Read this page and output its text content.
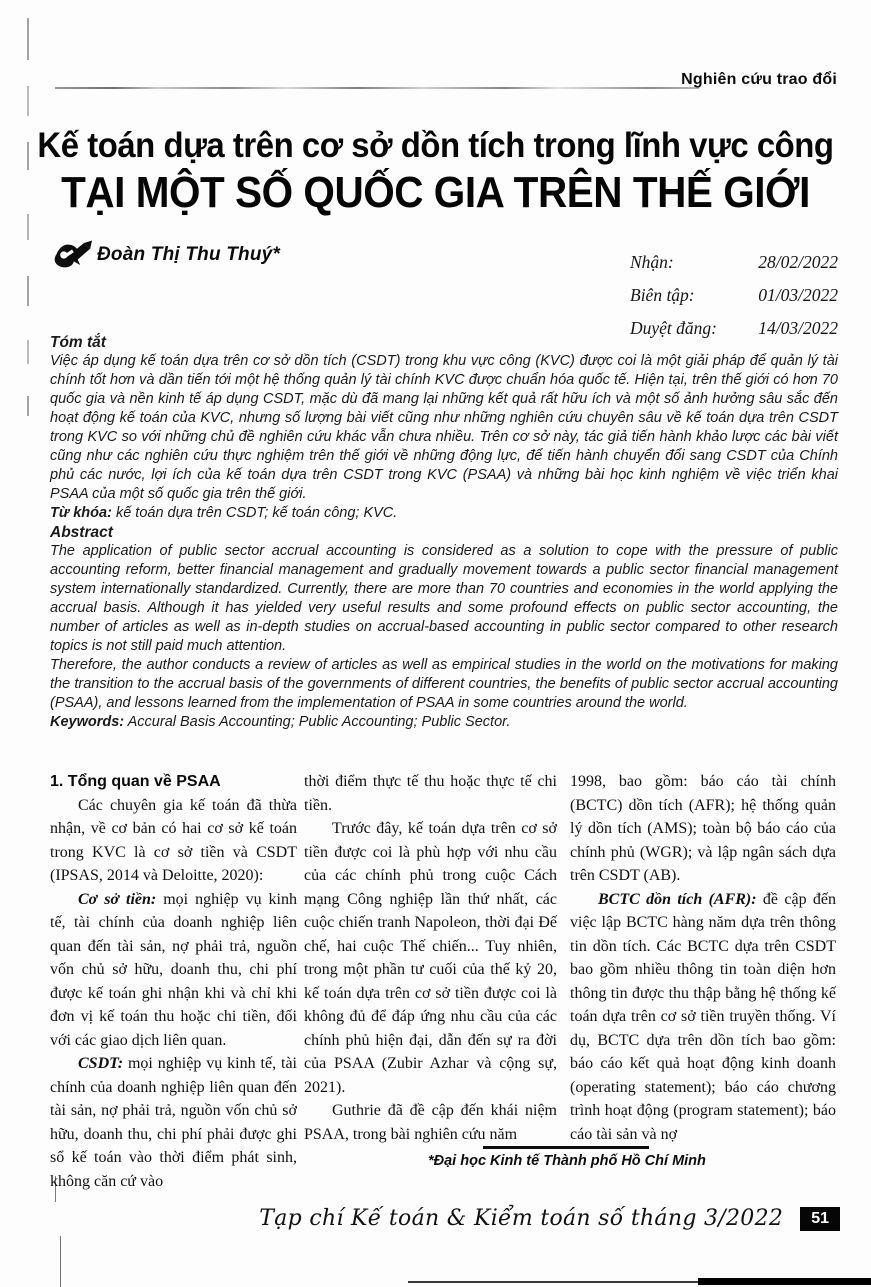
Nghiên cứu trao đổi
Kế toán dựa trên cơ sở dồn tích trong lĩnh vực công
TẠI MỘT SỐ QUỐC GIA TRÊN THẾ GIỚI
Đoàn Thị Thu Thuý*	Nhận:	28/02/2022
Biên tập:	01/03/2022
Duyệt đăng: 14/03/2022
Tóm tắt
Việc áp dụng kế toán dựa trên cơ sở dồn tích (CSDT) trong khu vực công (KVC) được coi là một giải pháp để quản lý tài chính tốt hơn và dần tiến tới một hệ thống quản lý tài chính KVC được chuẩn hóa quốc tế. Hiện tại, trên thế giới có hơn 70 quốc gia và nền kinh tế áp dụng CSDT, mặc dù đã mang lại những kết quả rất hữu ích và một số ảnh hưởng sâu sắc đến hoạt động kế toán của KVC, nhưng số lượng bài viết cũng như những nghiên cứu chuyên sâu về kế toán dựa trên CSDT trong KVC so với những chủ đề nghiên cứu khác vẫn chưa nhiều. Trên cơ sở này, tác giả tiến hành khảo lược các bài viết cũng như các nghiên cứu thực nghiệm trên thế giới về những động lực, để tiến hành chuyển đổi sang CSDT của Chính phủ các nước, lợi ích của kế toán dựa trên CSDT trong KVC (PSAA) và những bài học kinh nghiệm về việc triển khai PSAA của một số quốc gia trên thế giới.
Từ khóa: kế toán dựa trên CSDT; kế toán công; KVC.
Abstract
The application of public sector accrual accounting is considered as a solution to cope with the pressure of public accounting reform, better financial management and gradually movement towards a public sector financial management system internationally standardized. Currently, there are more than 70 countries and economies in the world applying the accrual basis. Although it has yielded very useful results and some profound effects on public sector accounting, the number of articles as well as in-depth studies on accrual-based accounting in public sector compared to other research topics is not still paid much attention.
Therefore, the author conducts a review of articles as well as empirical studies in the world on the motivations for making the transition to the accrual basis of the governments of different countries, the benefits of public sector accrual accounting (PSAA), and lessons learned from the implementation of PSAA in some countries around the world.
Keywords: Accural Basis Accounting; Public Accounting; Public Sector.
1. Tổng quan về PSAA
Các chuyên gia kế toán đã thừa nhận, về cơ bản có hai cơ sở kế toán trong KVC là cơ sở tiền và CSDT (IPSAS, 2014 và Deloitte, 2020):
Cơ sở tiền: mọi nghiệp vụ kinh tế, tài chính của doanh nghiệp liên quan đến tài sản, nợ phải trả, nguồn vốn chủ sở hữu, doanh thu, chi phí được kế toán ghi nhận khi và chỉ khi đơn vị kế toán thu hoặc chi tiền, đối với các giao dịch liên quan.
CSDT: mọi nghiệp vụ kinh tế, tài chính của doanh nghiệp liên quan đến tài sản, nợ phải trả, nguồn vốn chủ sở hữu, doanh thu, chi phí phải được ghi sổ kế toán vào thời điểm phát sinh, không căn cứ vào
thời điểm thực tế thu hoặc thực tế chi tiền.
Trước đây, kế toán dựa trên cơ sở tiền được coi là phù hợp với nhu cầu của các chính phủ trong cuộc Cách mạng Công nghiệp lần thứ nhất, các cuộc chiến tranh Napoleon, thời đại Đế chế, hai cuộc Thế chiến... Tuy nhiên, trong một phần tư cuối của thế kỷ 20, kế toán dựa trên cơ sở tiền được coi là không đủ để đáp ứng nhu cầu của các chính phủ hiện đại, dẫn đến sự ra đời của PSAA (Zubir Azhar và cộng sự, 2021).
Guthrie đã đề cập đến khái niệm PSAA, trong bài nghiên cứu năm
1998, bao gồm: báo cáo tài chính (BCTC) dồn tích (AFR); hệ thống quản lý dồn tích (AMS); toàn bộ báo cáo của chính phủ (WGR); và lập ngân sách dựa trên CSDT (AB).
BCTC dồn tích (AFR): đề cập đến việc lập BCTC hàng năm dựa trên thông tin dồn tích. Các BCTC dựa trên CSDT bao gồm nhiều thông tin toàn diện hơn thông tin được thu thập bằng hệ thống kế toán dựa trên cơ sở tiền truyền thống. Ví dụ, BCTC dựa trên dồn tích bao gồm: báo cáo kết quả hoạt động kinh doanh (operating statement); báo cáo chương trình hoạt động (program statement); báo cáo tài sản và nợ
*Đại học Kinh tế Thành phố Hồ Chí Minh
Tạp chí Kế toán & Kiểm toán số tháng 3/2022	51
